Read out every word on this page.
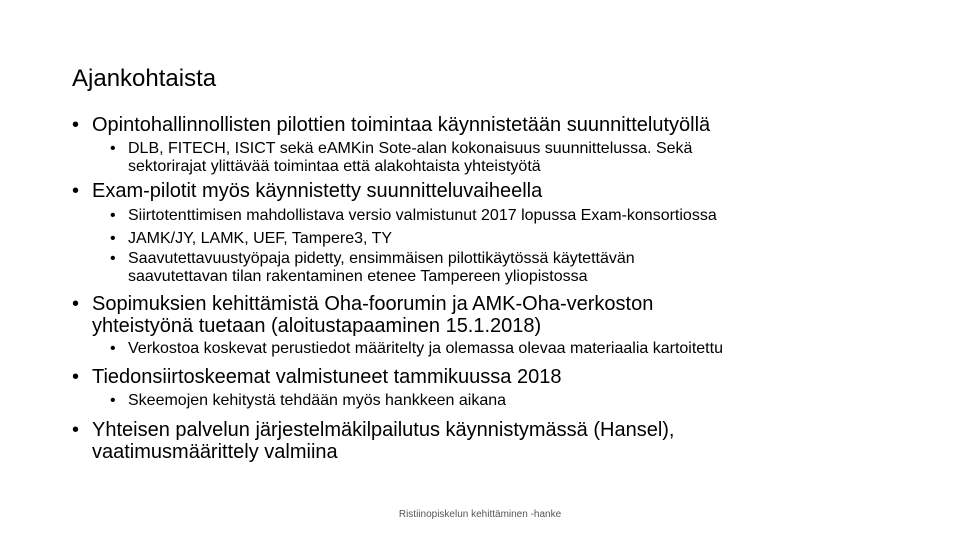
Ajankohtaista
• Opintohallinnollisten pilottien toimintaa käynnistetään suunnittelutyöllä
• DLB, FITECH, ISICT sekä eAMKin Sote-alan kokonaisuus suunnittelussa. Sekä
sektorirajat ylittävää toimintaa että alakohtaista yhteistyötä
• Exam-pilotit myös käynnistetty suunnitteluvaiheella
• Siirtotenttimisen mahdollistava versio valmistunut 2017 lopussa Exam-konsortiossa
• JAMK/JY, LAMK, UEF, Tampere3, TY
• Saavutettavuustyöpaja pidetty, ensimmäisen pilottikäytössä käytettävän
saavutettavan tilan rakentaminen etenee Tampereen yliopistossa
• Sopimuksien kehittämistä Oha-foorumin ja AMK-Oha-verkoston
yhteistyönä tuetaan (aloitustapaaminen 15.1.2018)
• Verkostoa koskevat perustiedot määritelty ja olemassa olevaa materiaalia kartoitettu
• Tiedonsiirtoskeemat valmistuneet tammikuussa 2018
• Skeemojen kehitystä tehdään myös hankkeen aikana
• Yhteisen palvelun järjestelmäkilpailutus käynnistymässä (Hansel),
vaatimusmäärittely valmiina
Ristiinopiskelun kehittäminen -hanke
